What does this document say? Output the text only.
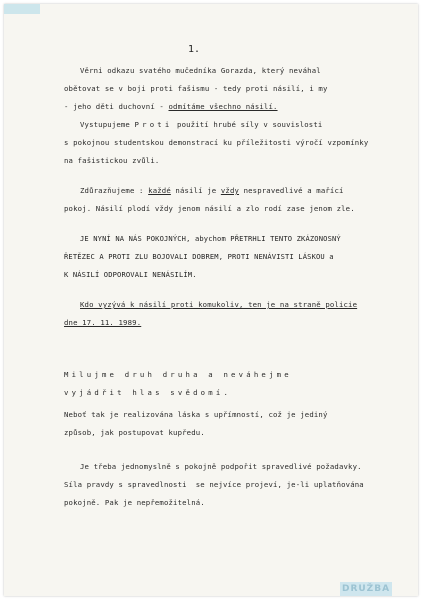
1.
Věrni odkazu svatého mučedníka Gorazda, který neváhal
obětovat se v boji proti fašismu - tedy proti násilí, i my
- jeho děti duchovní - odmítáme všechno násilí.
Vystupujeme Proti použití hrubé síly v souvislosti
s pokojnou studentskou demonstrací ku příležitosti výročí vzpomínky
na fašistickou zvůli.
Zdůrazňujeme : každé násilí je vždy nespravedlivé a mařící
pokoj. Násilí plodí vždy jenom násilí a zlo rodí zase jenom zle.
JE NYNÍ NA NÁS POKOJNÝCH, abychom PŘETRHLI TENTO ZKÁZONOSNÝ
ŘETĚZEC A PROTI ZLU BOJOVALI DOBREM, PROTI NENÁVISTI LÁSKOU a
K NÁSILÍ ODPOROVALI NENÁSILÍM.
Kdo vyzývá k násilí proti komukoliv, ten je na straně policie
dne 17. 11. 1989.
Milujme druh druha a neváhejme
vyjádřit hlas svědomí.
Neboť tak je realizována láska s upřímností, což je jediný
způsob, jak postupovat kupředu.
Je třeba jednomyslně s pokojně podpořit spravedlivé požadavky.
Síla pravdy s spravedlnosti  se nejvíce projeví, je-li uplatňována
pokojně. Pak je nepřemožitelná.
DRUŽBA
